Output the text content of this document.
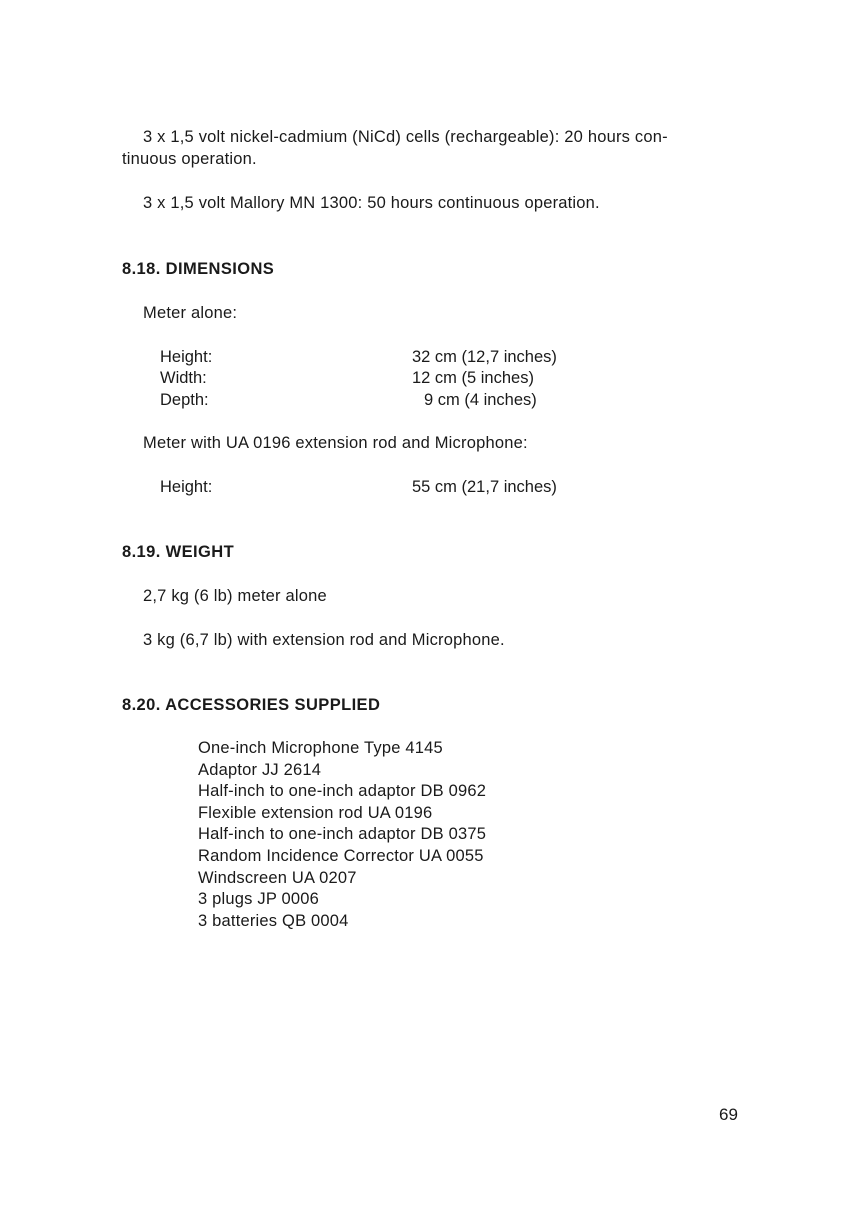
3 x 1,5 volt nickel-cadmium (NiCd) cells (rechargeable): 20 hours con-
tinuous operation.
3 x 1,5 volt Mallory MN 1300: 50 hours continuous operation.
8.18. DIMENSIONS
Meter alone:
Height:	32 cm (12,7 inches)
Width:	12 cm (5 inches)
Depth:	9 cm (4 inches)
Meter with UA 0196 extension rod and Microphone:
Height:	55 cm (21,7 inches)
8.19. WEIGHT
2,7 kg (6 lb) meter alone
3 kg (6,7 lb) with extension rod and Microphone.
8.20. ACCESSORIES SUPPLIED
One-inch Microphone Type 4145
Adaptor JJ 2614
Half-inch to one-inch adaptor DB 0962
Flexible extension rod UA 0196
Half-inch to one-inch adaptor DB 0375
Random Incidence Corrector UA 0055
Windscreen UA 0207
3 plugs JP 0006
3 batteries QB 0004
69
